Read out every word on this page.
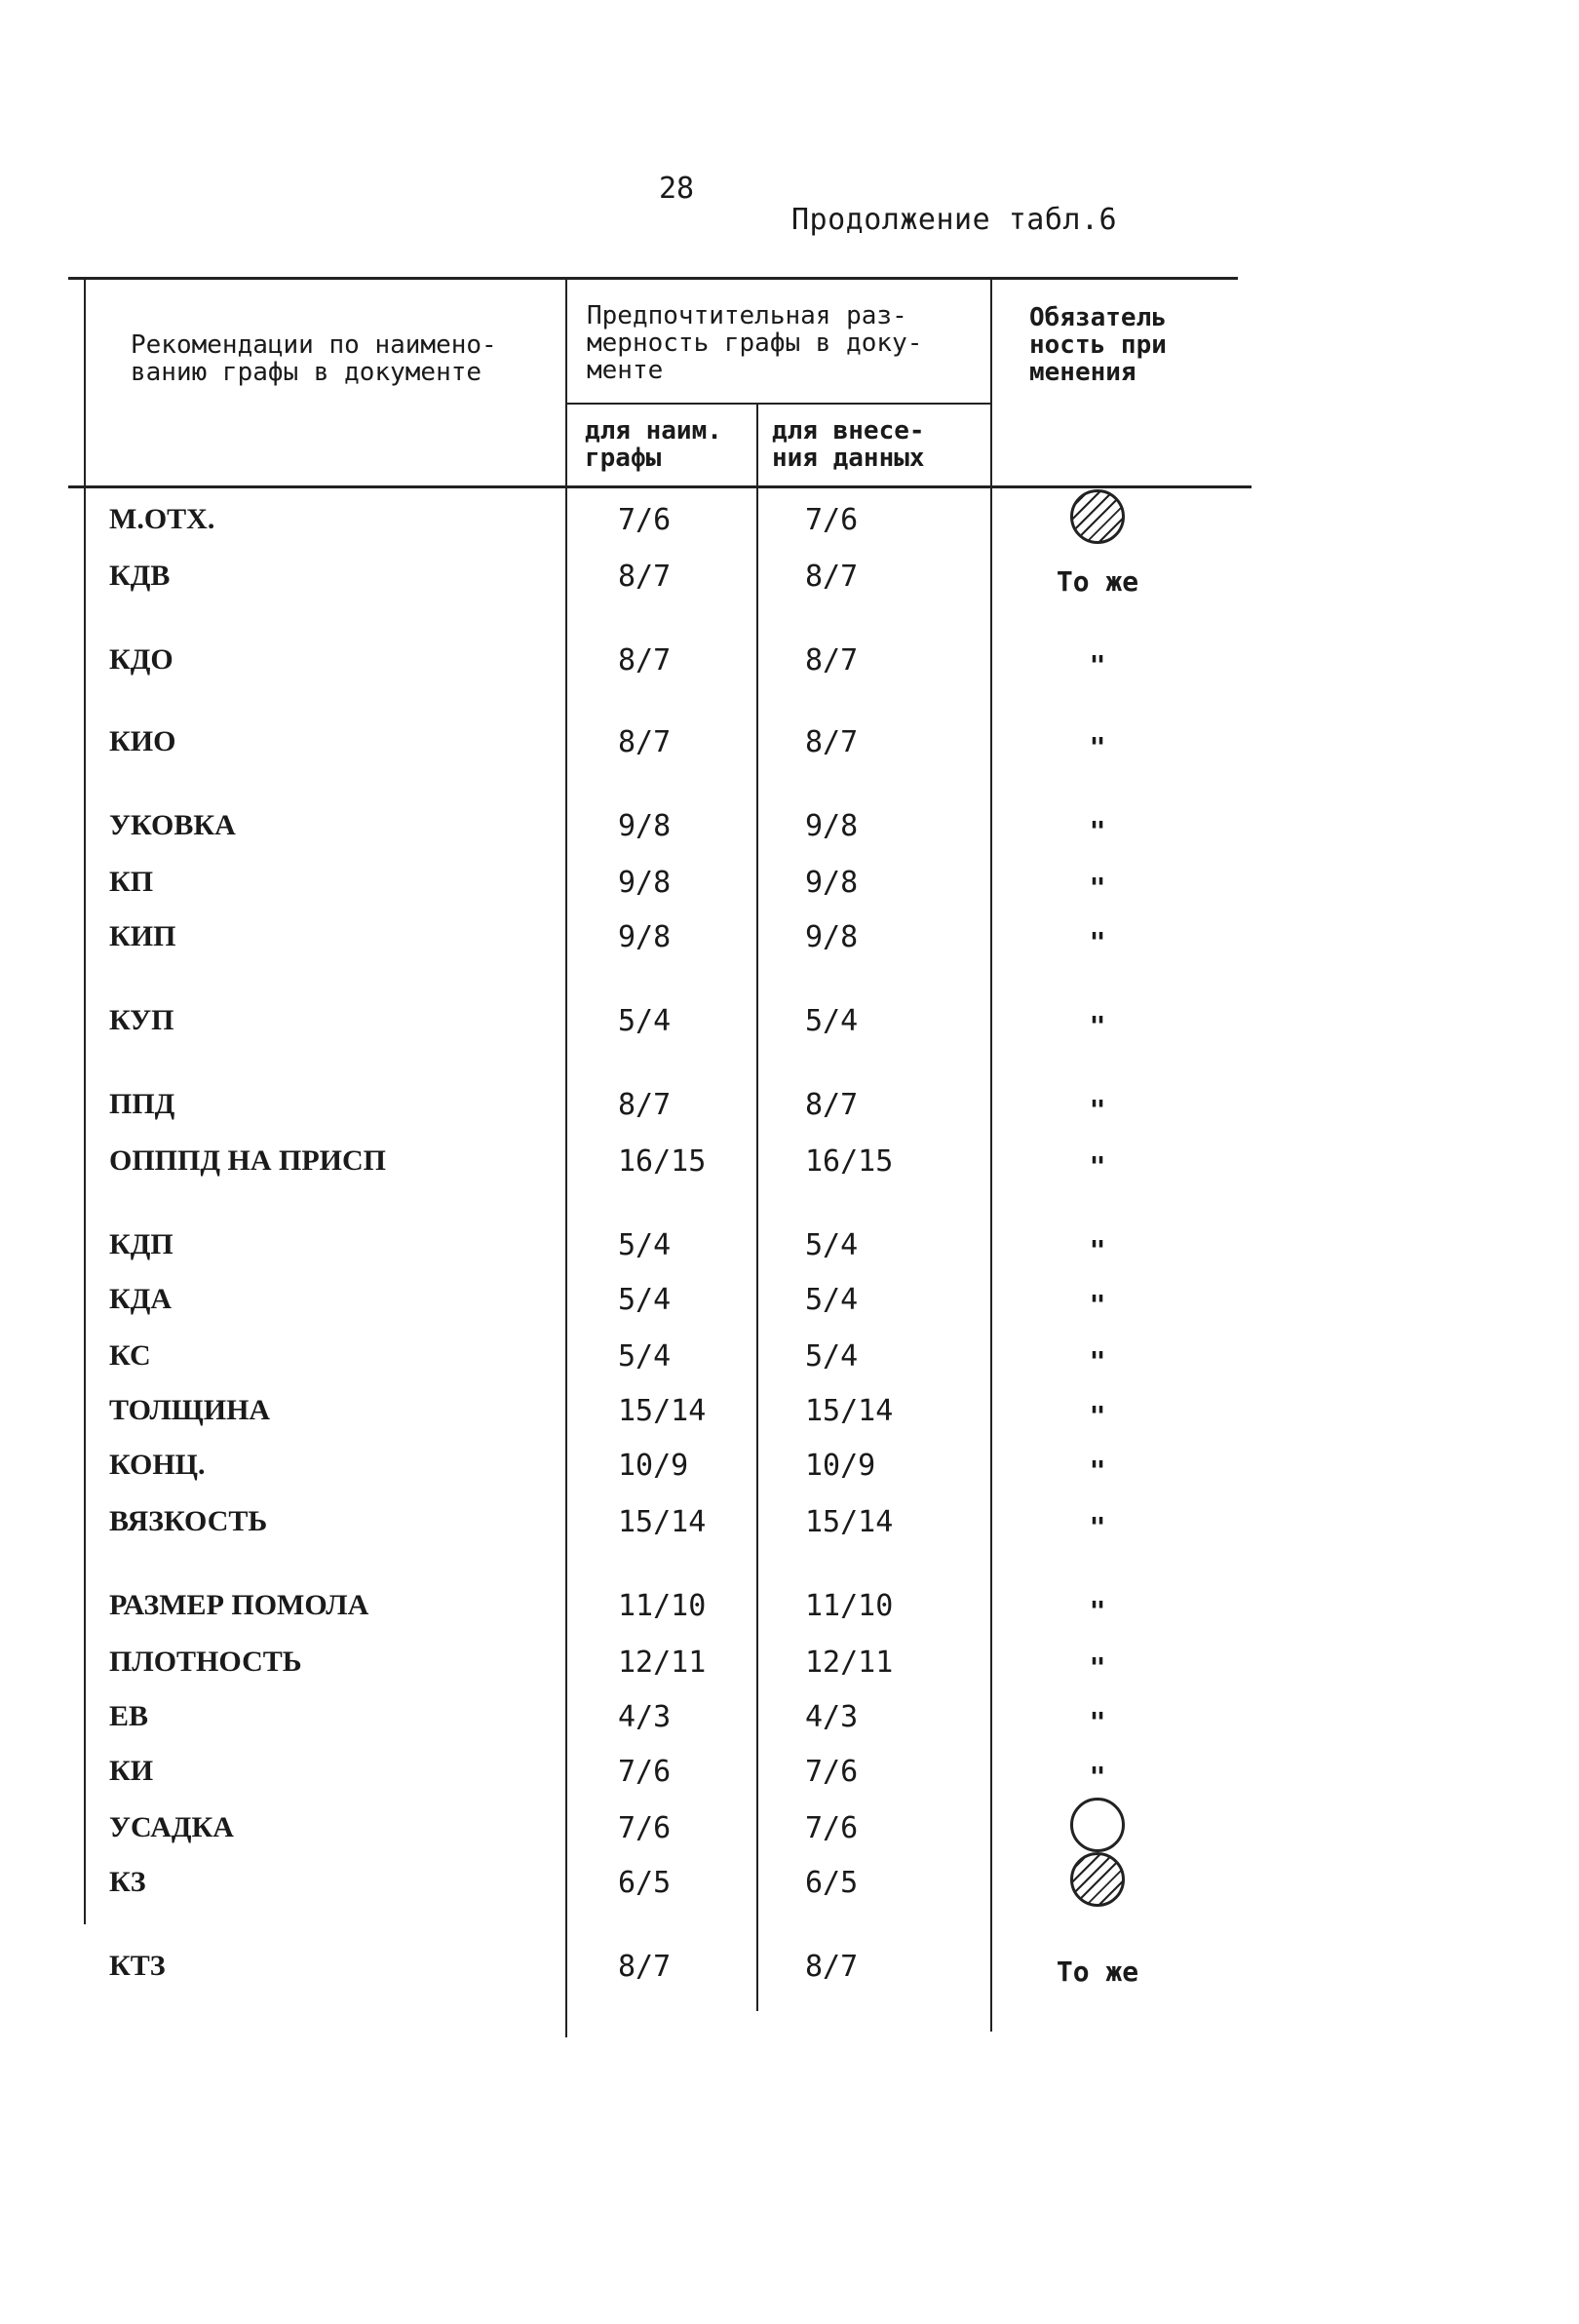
28
Продолжение табл.6
Рекомендации по наимено-
ванию графы в документе
Предпочтительная раз-
мерность графы в доку-
менте
для наим.
графы
для внесе-
ния данных
Обязатель
ность при
менения
М.ОТХ.	7/6	7/6
КДВ	8/7	8/7	То же
КДО	8/7	8/7	"
КИО	8/7	8/7	"
УКОВКА	9/8	9/8	"
КП	9/8	9/8	"
КИП	9/8	9/8	"
КУП	5/4	5/4	"
ППД	8/7	8/7	"
ОПППД НА ПРИСП	16/15	16/15	"
КДП	5/4	5/4	"
КДА	5/4	5/4	"
КС	5/4	5/4	"
ТОЛЩИНА	15/14	15/14	"
КОНЦ.	10/9	10/9	"
ВЯЗКОСТЬ	15/14	15/14	"
РАЗМЕР ПОМОЛА	11/10	11/10	"
ПЛОТНОСТЬ	12/11	12/11	"
ЕВ	4/3	4/3	"
КИ	7/6	7/6	"
УСАДКА	7/6	7/6
КЗ	6/5	6/5
КТЗ	8/7	8/7	То же
